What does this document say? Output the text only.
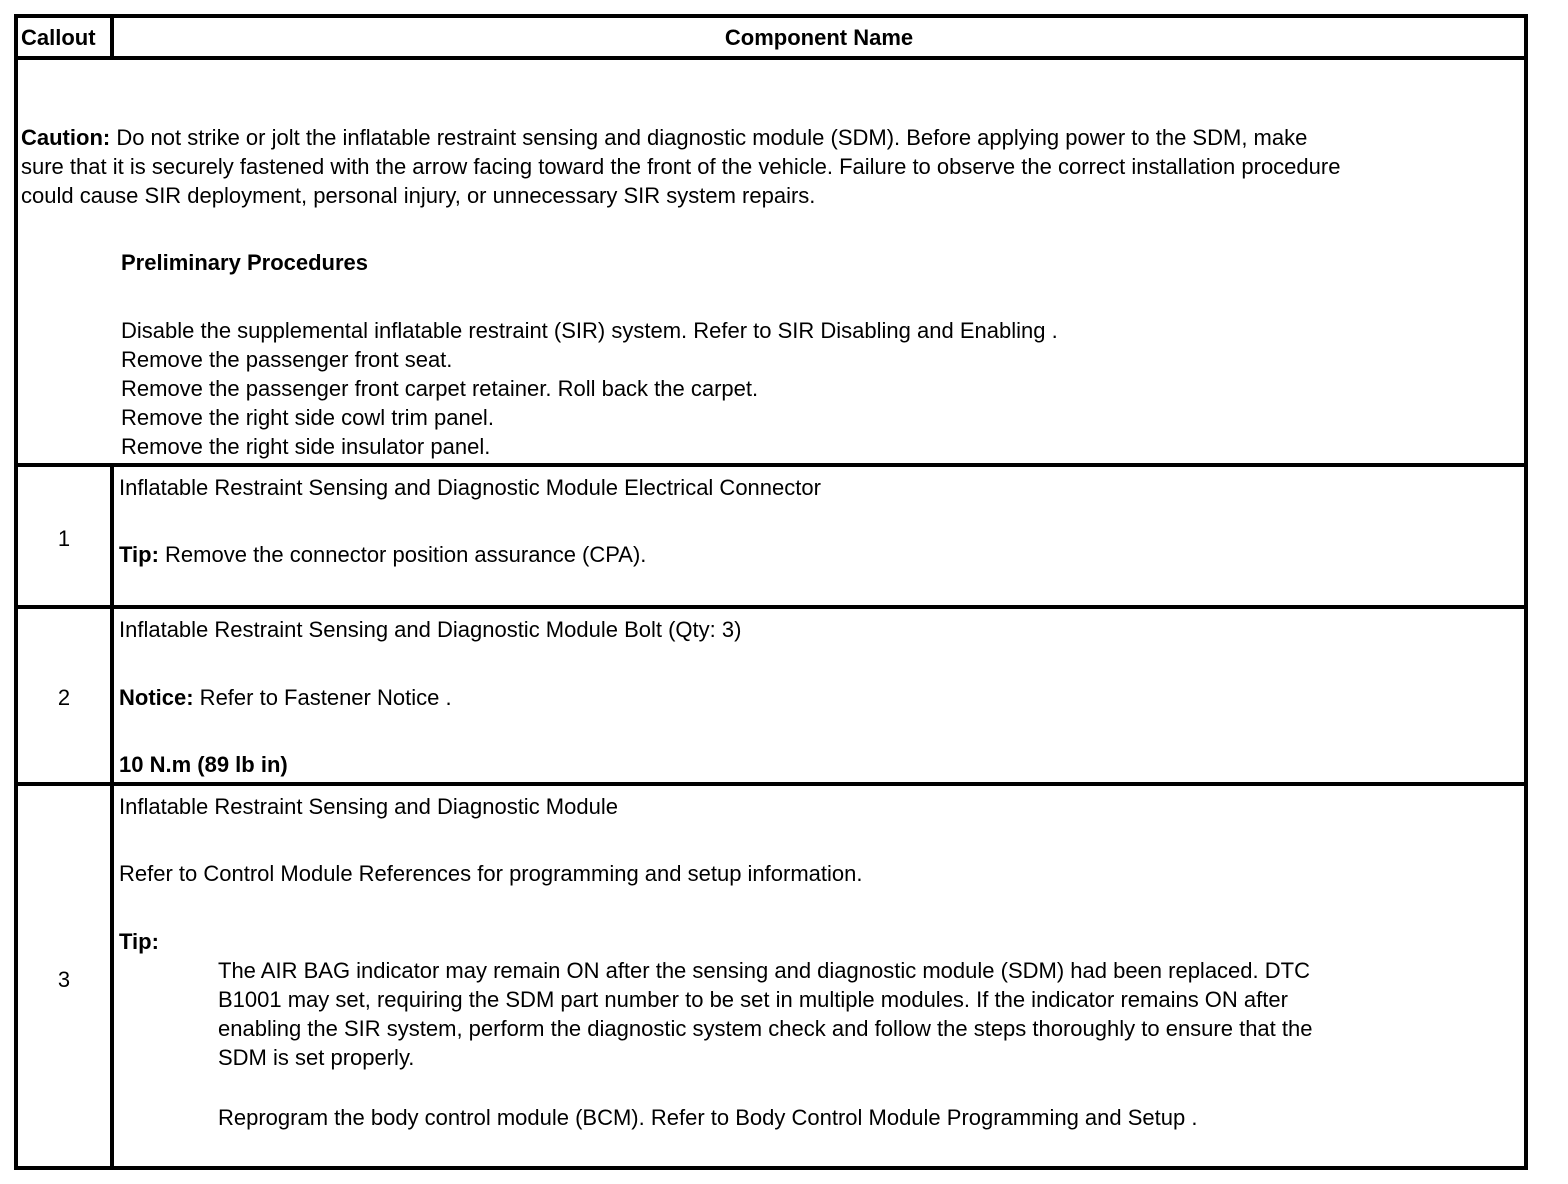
Callout	Component Name
Caution: Do not strike or jolt the inflatable restraint sensing and diagnostic module (SDM). Before applying power to the SDM, make
sure that it is securely fastened with the arrow facing toward the front of the vehicle. Failure to observe the correct installation procedure
could cause SIR deployment, personal injury, or unnecessary SIR system repairs.
Preliminary Procedures
Disable the supplemental inflatable restraint (SIR) system. Refer to SIR Disabling and Enabling .
Remove the passenger front seat.
Remove the passenger front carpet retainer. Roll back the carpet.
Remove the right side cowl trim panel.
Remove the right side insulator panel.
1
Inflatable Restraint Sensing and Diagnostic Module Electrical Connector
Tip: Remove the connector position assurance (CPA).
2
Inflatable Restraint Sensing and Diagnostic Module Bolt (Qty: 3)
Notice: Refer to Fastener Notice .
10 N.m (89 lb in)
3
Inflatable Restraint Sensing and Diagnostic Module
Refer to Control Module References for programming and setup information.
Tip:
The AIR BAG indicator may remain ON after the sensing and diagnostic module (SDM) had been replaced. DTC
B1001 may set, requiring the SDM part number to be set in multiple modules. If the indicator remains ON after
enabling the SIR system, perform the diagnostic system check and follow the steps thoroughly to ensure that the
SDM is set properly.
Reprogram the body control module (BCM). Refer to Body Control Module Programming and Setup .
